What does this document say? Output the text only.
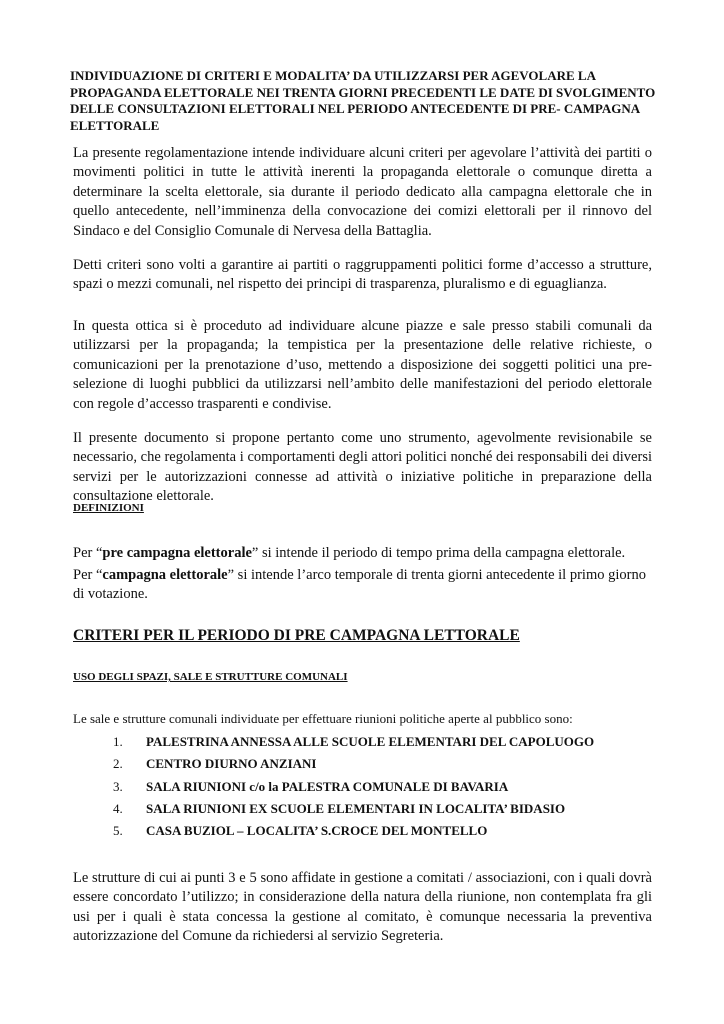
INDIVIDUAZIONE DI CRITERI E MODALITA’ DA UTILIZZARSI PER AGEVOLARE LA PROPAGANDA ELETTORALE NEI TRENTA GIORNI PRECEDENTI LE DATE DI SVOLGIMENTO DELLE CONSULTAZIONI ELETTORALI NEL PERIODO ANTECEDENTE DI PRE- CAMPAGNA ELETTORALE

La presente regolamentazione intende individuare alcuni criteri per agevolare l’attività dei partiti o movimenti politici in tutte le attività inerenti la propaganda elettorale o comunque diretta a determinare la scelta elettorale, sia durante il periodo dedicato alla campagna elettorale che in quello antecedente, nell’imminenza della convocazione dei comizi elettorali per il rinnovo del Sindaco e del Consiglio Comunale di Nervesa della Battaglia.

Detti criteri sono volti a garantire ai partiti o raggruppamenti politici forme d’accesso a strutture, spazi o mezzi comunali, nel rispetto dei principi di trasparenza, pluralismo e di eguaglianza.

In questa ottica si è proceduto ad individuare alcune piazze e sale presso stabili comunali da utilizzarsi per la propaganda; la tempistica per la presentazione delle relative richieste, o comunicazioni per la prenotazione d’uso, mettendo a disposizione dei soggetti politici una pre-selezione di luoghi pubblici da utilizzarsi nell’ambito delle manifestazioni del periodo elettorale con regole d’accesso trasparenti e condivise.

Il presente documento si propone pertanto come uno strumento, agevolmente revisionabile se necessario, che regolamenta i comportamenti degli attori politici nonché dei responsabili dei diversi servizi per le autorizzazioni connesse ad attività o iniziative politiche in preparazione della consultazione elettorale.

DEFINIZIONI

Per “pre campagna elettorale” si intende il periodo di tempo prima della campagna elettorale.

Per “campagna elettorale” si intende l’arco temporale di trenta giorni antecedente il primo giorno di votazione.

CRITERI PER IL PERIODO DI PRE CAMPAGNA LETTORALE

USO DEGLI SPAZI, SALE E STRUTTURE COMUNALI

Le sale e strutture comunali individuate per effettuare riunioni politiche aperte al pubblico sono:

1. PALESTRINA ANNESSA ALLE SCUOLE ELEMENTARI DEL CAPOLUOGO
2. CENTRO DIURNO ANZIANI
3. SALA RIUNIONI c/o la PALESTRA COMUNALE DI BAVARIA
4. SALA RIUNIONI EX SCUOLE ELEMENTARI IN LOCALITA’ BIDASIO
5. CASA BUZIOL – LOCALITA’ S.CROCE DEL MONTELLO

Le strutture di cui ai punti 3 e 5 sono affidate in gestione a comitati / associazioni, con i quali dovrà essere concordato l’utilizzo; in considerazione della natura della riunione, non contemplata fra gli usi per i quali è stata concessa la gestione al comitato, è comunque necessaria la preventiva autorizzazione del Comune da richiedersi al servizio Segreteria.
